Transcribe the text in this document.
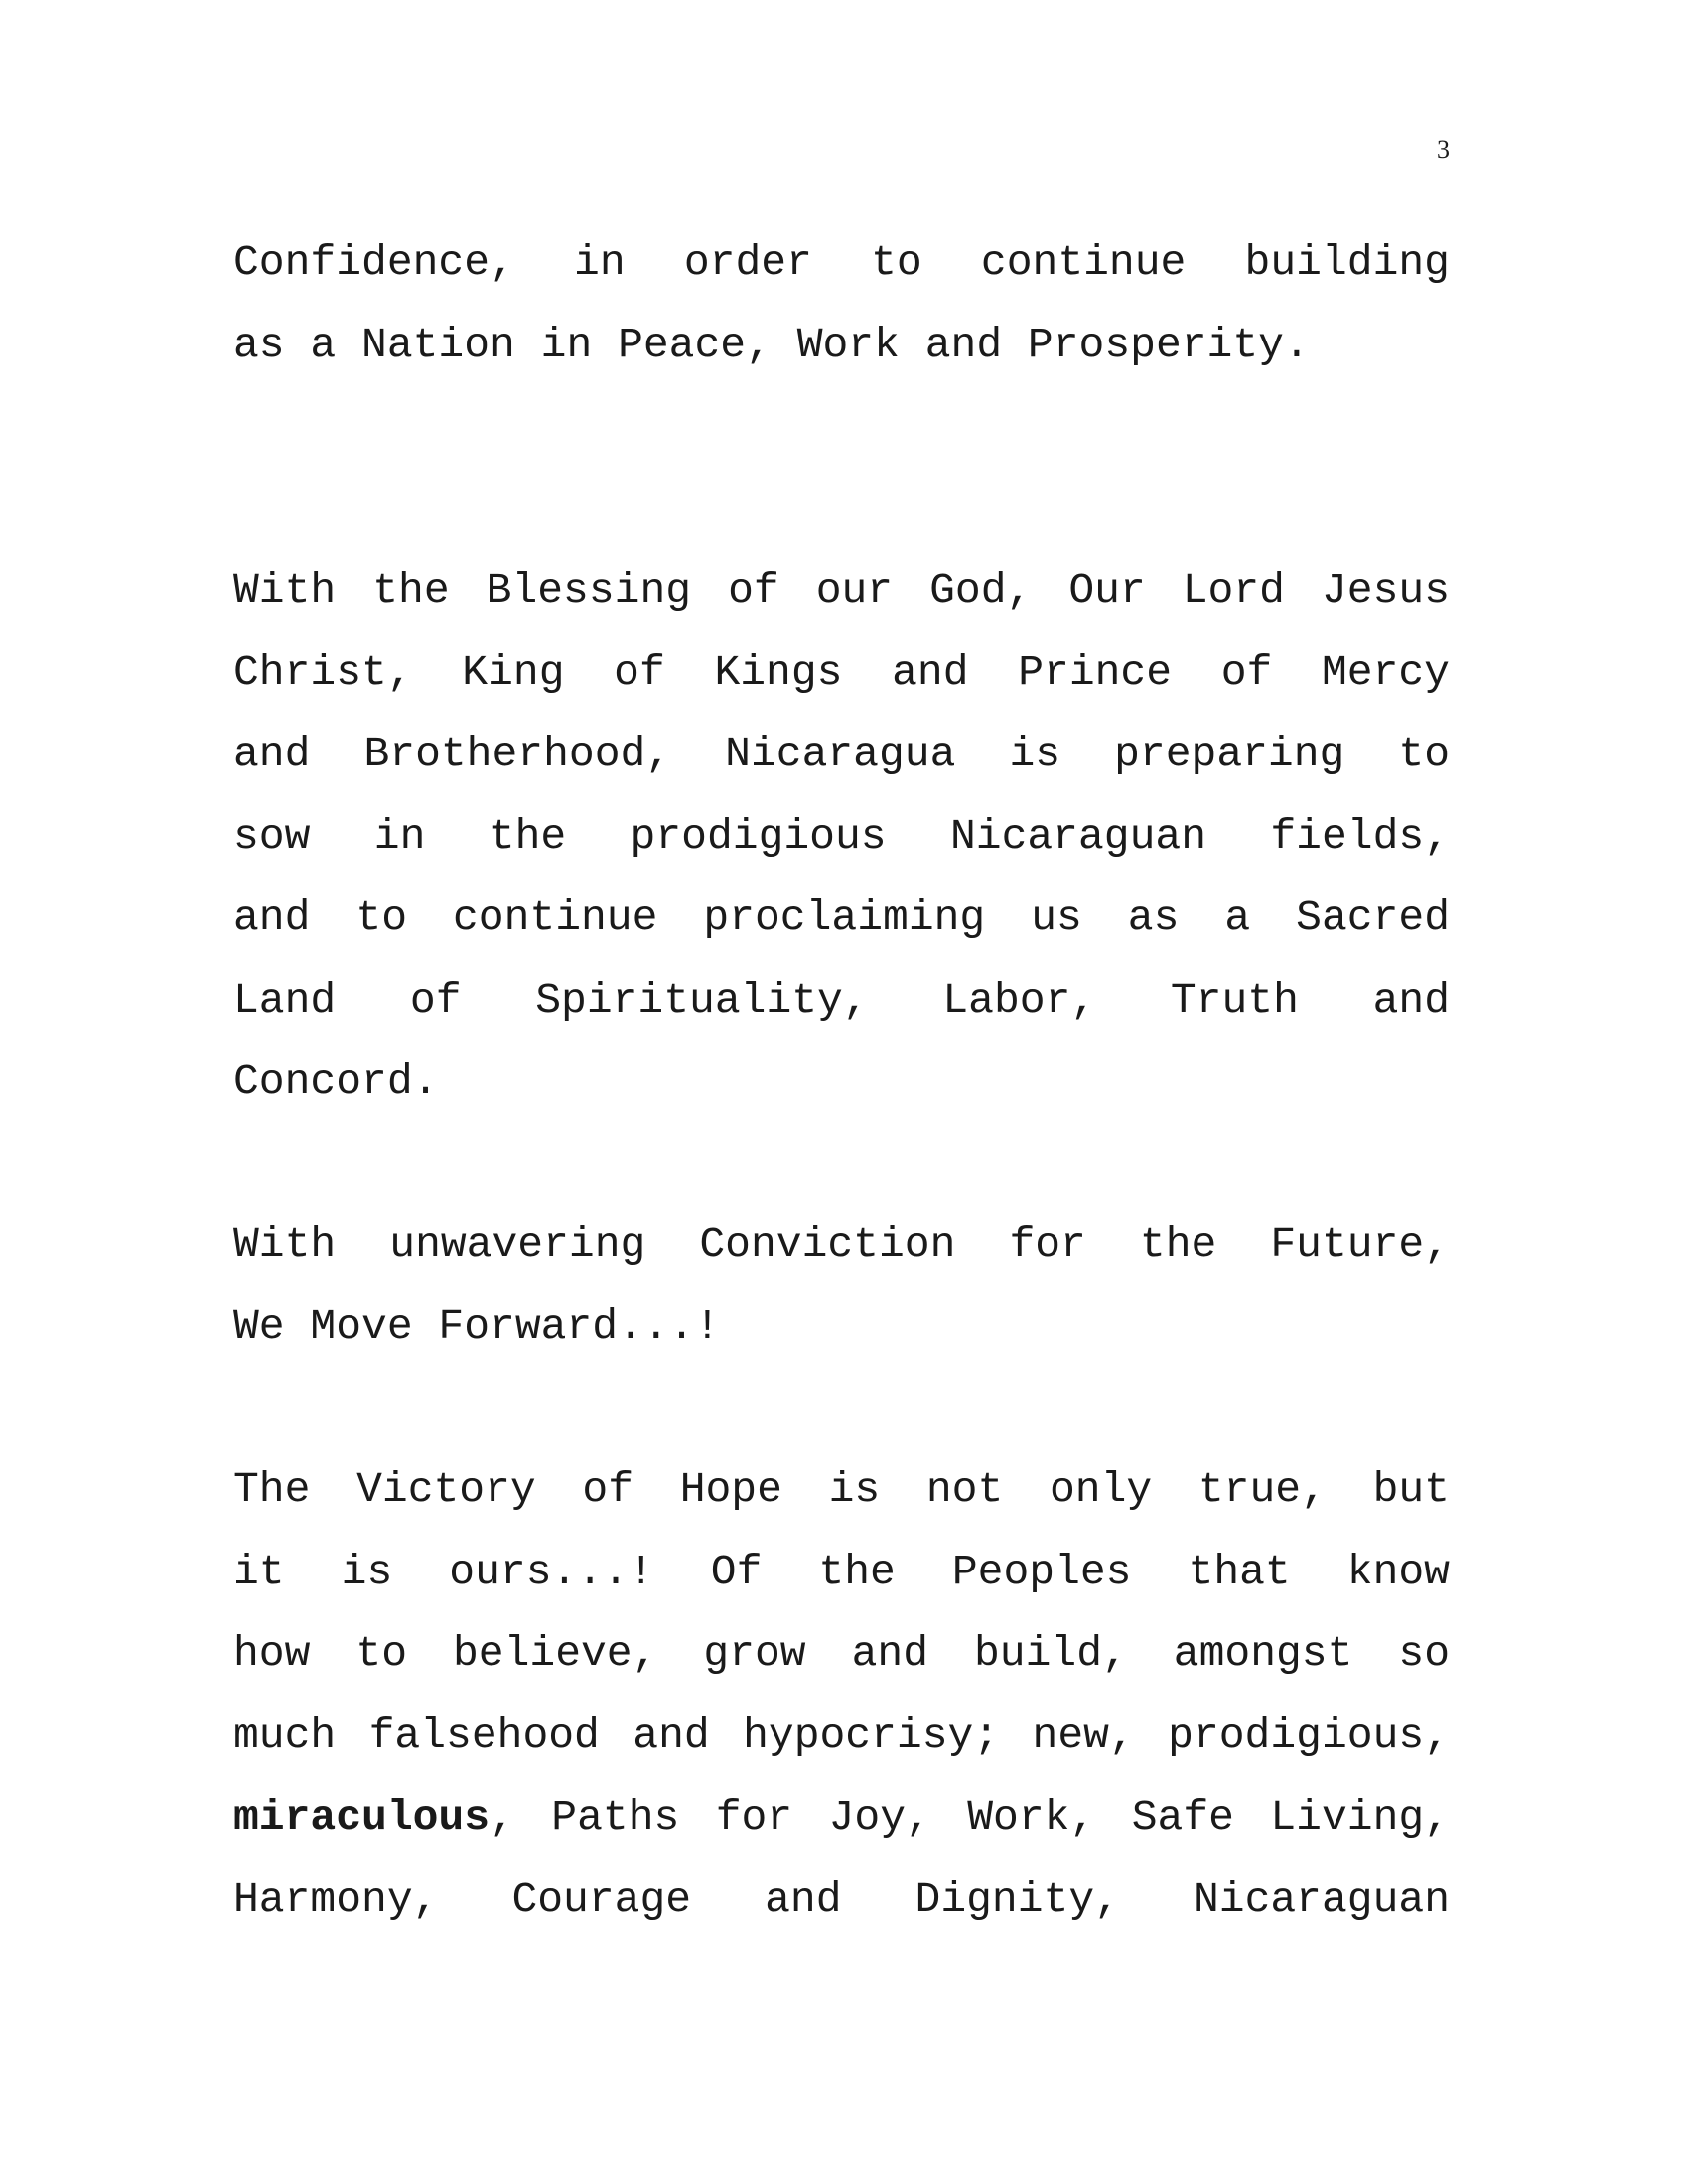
3

Confidence, in order to continue building
as a Nation in Peace, Work and Prosperity.

With the Blessing of our God, Our Lord Jesus
Christ, King of Kings and Prince of Mercy
and Brotherhood, Nicaragua is preparing to
sow in the prodigious Nicaraguan fields,
and to continue proclaiming us as a Sacred
Land of Spirituality, Labor, Truth and
Concord.

With unwavering Conviction for the Future,
We Move Forward...!

The Victory of Hope is not only true, but
it is ours...! Of the Peoples that know
how to believe, grow and build, amongst so
much falsehood and hypocrisy; new, prodigious,
miraculous, Paths for Joy, Work, Safe Living,
Harmony, Courage and Dignity, Nicaraguan
